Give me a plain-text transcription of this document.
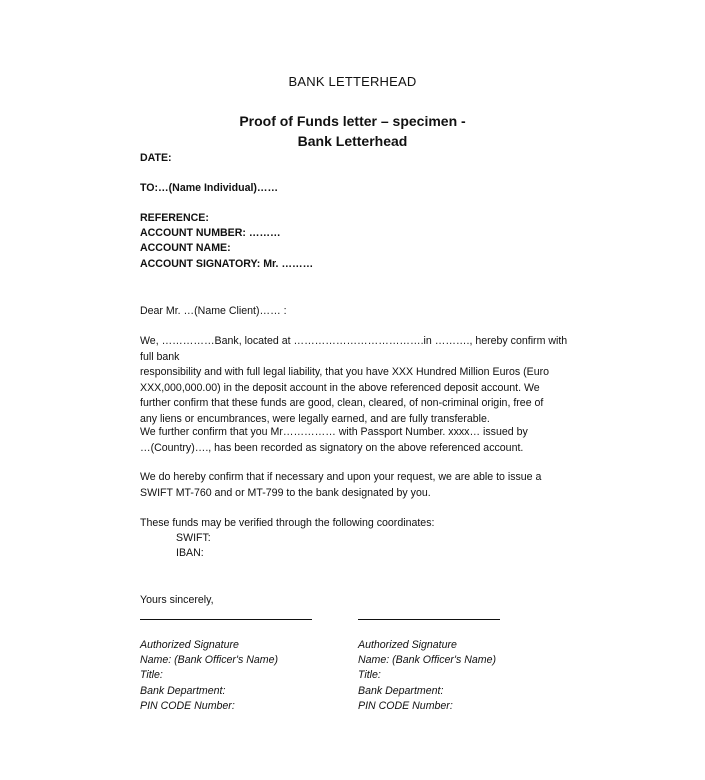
BANK LETTERHEAD
Proof of Funds letter – specimen -
Bank Letterhead
DATE:
TO:…(Name Individual)……
REFERENCE:
ACCOUNT NUMBER: ………
ACCOUNT NAME:
ACCOUNT SIGNATORY: Mr. ………
Dear Mr. …(Name Client)…… :

We, ……………Bank, located at ……………………………….in ………., hereby confirm with full bank

responsibility and with full legal liability, that you have XXX Hundred Million Euros (Euro

XXX,000,000.00) in the deposit account in the above referenced deposit account. We

further confirm that these funds are good, clean, cleared, of non-criminal origin, free of

any liens or encumbrances, were legally earned, and are fully transferable.

We further confirm that you Mr…………… with Passport Number. xxxx… issued by

…(Country)…., has been recorded as signatory on the above referenced account.

We do hereby confirm that if necessary and upon your request, we are able to issue a

SWIFT MT-760 and or MT-799 to the bank designated by you.

These funds may be verified through the following coordinates:
SWIFT:
IBAN:
Yours sincerely,
Authorized Signature
Name: (Bank Officer's Name)
Title:
Bank Department:
PIN CODE Number:
Authorized Signature
Name: (Bank Officer's Name)
Title:
Bank Department:
PIN CODE Number:
